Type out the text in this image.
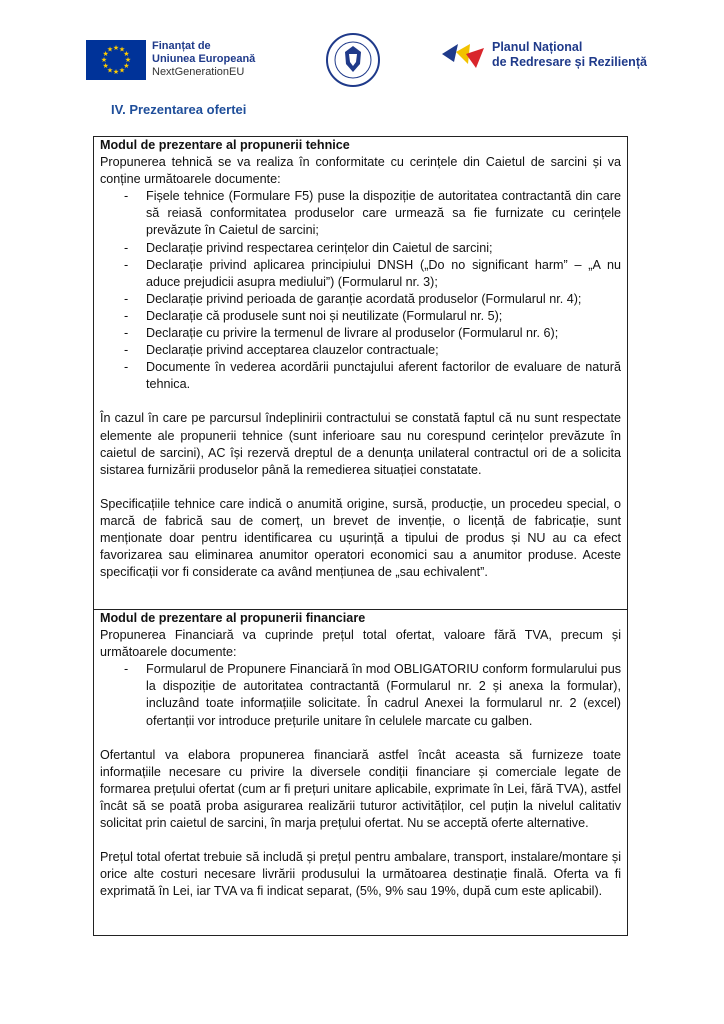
★ ★
★
★
★
★
★
★
★
★
★
★	Finanțat de
Uniunea Europeană
NextGenerationEU
Planul Național
de Redresare și Reziliență
IV. Prezentarea ofertei
Modul de prezentare al propunerii tehnice

Propunerea tehnică se va realiza în conformitate cu cerințele din Caietul de sarcini și va conține următoarele documente:

- Fișele tehnice (Formulare F5) puse la dispoziție de autoritatea contractantă din care să reiasă conformitatea produselor care urmează sa fie furnizate cu cerințele prevăzute în Caietul de sarcini;
- Declarație privind respectarea cerințelor din Caietul de sarcini;
- Declarație privind aplicarea principiului DNSH („Do no significant harm” – „A nu aduce prejudicii asupra mediului”) (Formularul nr. 3);
- Declarație privind perioada de garanție acordată produselor (Formularul nr. 4);
- Declarație că produsele sunt noi și neutilizate (Formularul nr. 5);
- Declarație cu privire la termenul de livrare al produselor (Formularul nr. 6);
- Declarație privind acceptarea clauzelor contractuale;
- Documente în vederea acordării punctajului aferent factorilor de evaluare de natură tehnica.

În cazul în care pe parcursul îndeplinirii contractului se constată faptul că nu sunt respectate elemente ale propunerii tehnice (sunt inferioare sau nu corespund cerințelor prevăzute în caietul de sarcini), AC își rezervă dreptul de a denunța unilateral contractul ori de a solicita sistarea furnizării produselor până la remedierea situației constatate.

Specificațiile tehnice care indică o anumită origine, sursă, producție, un procedeu special, o marcă de fabrică sau de comerț, un brevet de invenție, o licență de fabricație, sunt menționate doar pentru identificarea cu ușurință a tipului de produs și NU au ca efect favorizarea sau eliminarea anumitor operatori economici sau a anumitor produse. Aceste specificații vor fi considerate ca având mențiunea de „sau echivalent”.

Modul de prezentare al propunerii financiare

Propunerea Financiară va cuprinde prețul total ofertat, valoare fără TVA, precum și următoarele documente:

- Formularul de Propunere Financiară în mod OBLIGATORIU conform formularului pus la dispoziție de autoritatea contractantă (Formularul nr. 2 și anexa la formular), incluzând toate informațiile solicitate. În cadrul Anexei la formularul nr. 2 (excel) ofertanții vor introduce prețurile unitare în celulele marcate cu galben.

Ofertantul va elabora propunerea financiară astfel încât aceasta să furnizeze toate informațiile necesare cu privire la diversele condiții financiare și comerciale legate de formarea prețului ofertat (cum ar fi prețuri unitare aplicabile, exprimate în Lei, fără TVA), astfel încât să se poată proba asigurarea realizării tuturor activităților, cel puțin la nivelul calitativ solicitat prin caietul de sarcini, în marja prețului ofertat. Nu se acceptă oferte alternative.

Prețul total ofertat trebuie să includă și prețul pentru ambalare, transport, instalare/montare și orice alte costuri necesare livrării produsului la următoarea destinație finală. Oferta va fi exprimată în Lei, iar TVA va fi indicat separat, (5%, 9% sau 19%, după cum este aplicabil).
